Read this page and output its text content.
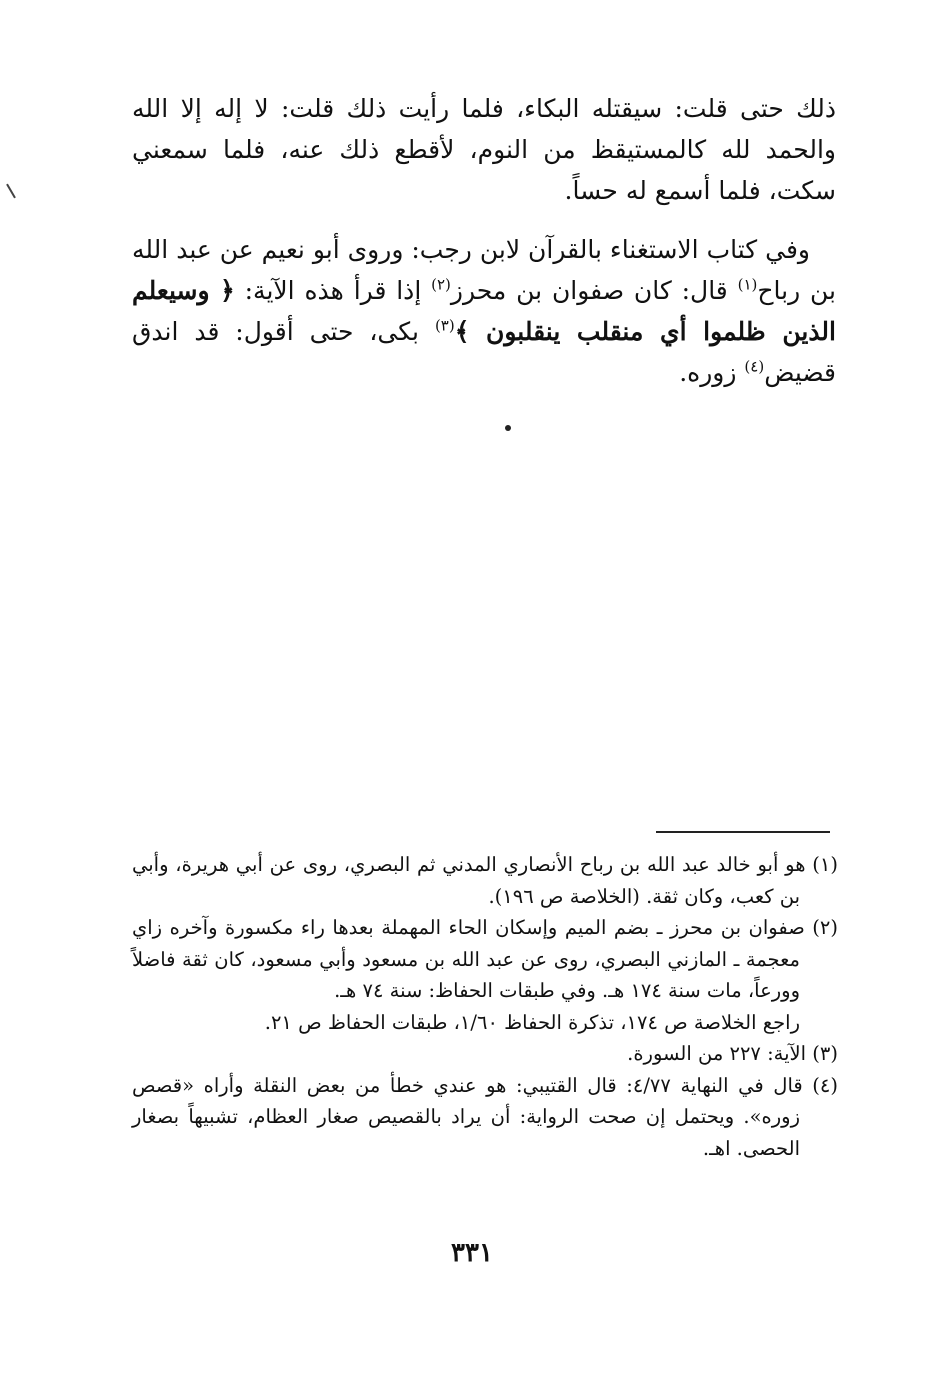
ذلك حتى قلت: سيقتله البكاء، فلما رأيت ذلك قلت: لا إله إلا الله والحمد لله كالمستيقظ من النوم، لأقطع ذلك عنه، فلما سمعني سكت، فلما أسمع له حساً.

وفي كتاب الاستغناء بالقرآن لابن رجب: وروى أبو نعيم عن عبد الله بن رباح$^{(١)}$ قال: كان صفوان بن محرز$^{(٢)}$ إذا قرأ هذه الآية: ﴿ وسيعلم الذين ظلموا أي منقلب ينقلبون ﴾$^{(٣)}$ بكى، حتى أقول: قد اندق قضيض$^{(٤)}$ زوره.

(١) هو أبو خالد عبد الله بن رباح الأنصاري المدني ثم البصري، روى عن أبي هريرة، وأبي بن كعب، وكان ثقة. (الخلاصة ص ١٩٦).

(٢) صفوان بن محرز ـ بضم الميم وإسكان الحاء المهملة بعدها راء مكسورة وآخره زاي معجمة ـ المازني البصري، روى عن عبد الله بن مسعود وأبي مسعود، كان ثقة فاضلاً وورعاً، مات سنة ١٧٤ هـ. وفي طبقات الحفاظ: سنة ٧٤ هـ.

راجع الخلاصة ص ١٧٤، تذكرة الحفاظ ١/٦٠، طبقات الحفاظ ص ٢١.

(٣) الآية: ٢٢٧ من السورة.

(٤) قال في النهاية ٤/٧٧: قال القتيبي: هو عندي خطأ من بعض النقلة وأراه «قصص زوره». ويحتمل إن صحت الرواية: أن يراد بالقصيص صغار العظام، تشبيهاً بصغار الحصى. اهـ.

٣٣١
